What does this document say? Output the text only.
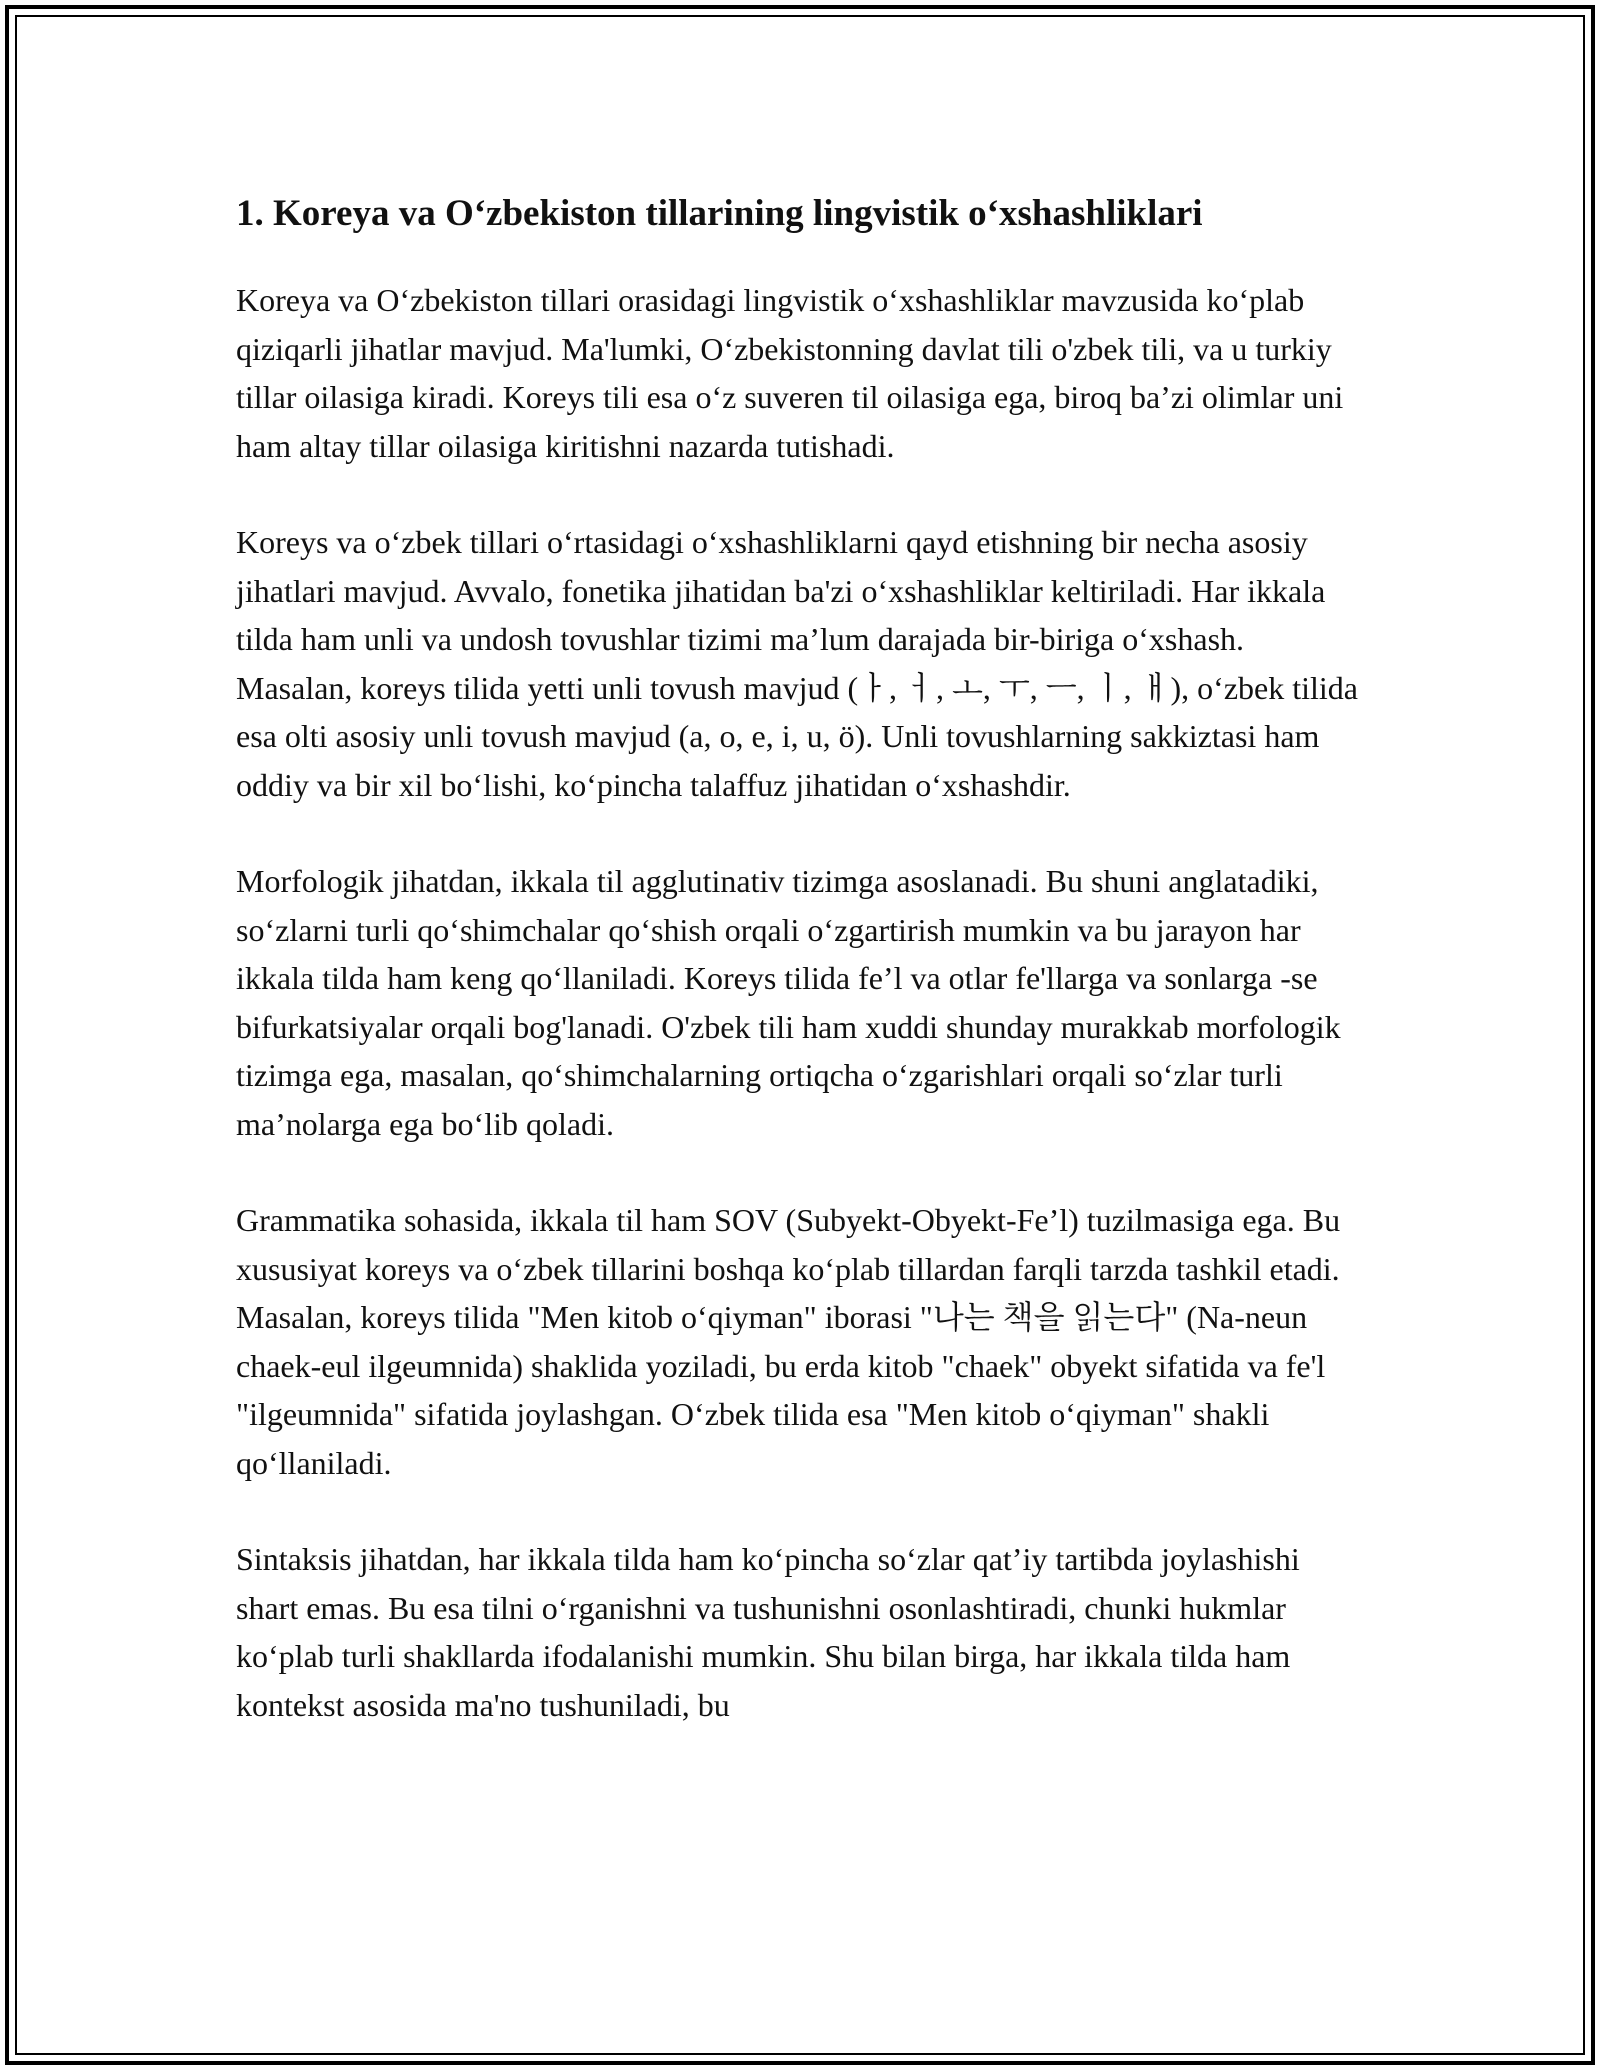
1. Koreya va O‘zbekiston tillarining lingvistik o‘xshashliklari

Koreya va O‘zbekiston tillari orasidagi lingvistik o‘xshashliklar mavzusida ko‘plab qiziqarli jihatlar mavjud. Ma'lumki, O‘zbekistonning davlat tili o'zbek tili, va u turkiy tillar oilasiga kiradi. Koreys tili esa o‘z suveren til oilasiga ega, biroq ba’zi olimlar uni ham altay tillar oilasiga kiritishni nazarda tutishadi.

Koreys va o‘zbek tillari o‘rtasidagi o‘xshashliklarni qayd etishning bir necha asosiy jihatlari mavjud. Avvalo, fonetika jihatidan ba'zi o‘xshashliklar keltiriladi. Har ikkala tilda ham unli va undosh tovushlar tizimi ma’lum darajada bir-biriga o‘xshash. Masalan, koreys tilida yetti unli tovush mavjud (ㅏ, ㅓ, ㅗ, ㅜ, ㅡ, ㅣ, ㅐ), o‘zbek tilida esa olti asosiy unli tovush mavjud (a, o, e, i, u, ö). Unli tovushlarning sakkiztasi ham oddiy va bir xil bo‘lishi, ko‘pincha talaffuz jihatidan o‘xshashdir.

Morfologik jihatdan, ikkala til agglutinativ tizimga asoslanadi. Bu shuni anglatadiki, so‘zlarni turli qo‘shimchalar qo‘shish orqali o‘zgartirish mumkin va bu jarayon har ikkala tilda ham keng qo‘llaniladi. Koreys tilida fe’l va otlar fe'llarga va sonlarga -se bifurkatsiyalar orqali bog'lanadi. O'zbek tili ham xuddi shunday murakkab morfologik tizimga ega, masalan, qo‘shimchalarning ortiqcha o‘zgarishlari orqali so‘zlar turli ma’nolarga ega bo‘lib qoladi.

Grammatika sohasida, ikkala til ham SOV (Subyekt-Obyekt-Fe’l) tuzilmasiga ega. Bu xususiyat koreys va o‘zbek tillarini boshqa ko‘plab tillardan farqli tarzda tashkil etadi. Masalan, koreys tilida "Men kitob o‘qiyman" iborasi "나는 책을 읽는다" (Na-neun chaek-eul ilgeumnida) shaklida yoziladi, bu erda kitob "chaek" obyekt sifatida va fe'l "ilgeumnida" sifatida joylashgan. O‘zbek tilida esa "Men kitob o‘qiyman" shakli qo‘llaniladi.

Sintaksis jihatdan, har ikkala tilda ham ko‘pincha so‘zlar qat’iy tartibda joylashishi shart emas. Bu esa tilni o‘rganishni va tushunishni osonlashtiradi, chunki hukmlar ko‘plab turli shakllarda ifodalanishi mumkin. Shu bilan birga, har ikkala tilda ham kontekst asosida ma'no tushuniladi, bu
